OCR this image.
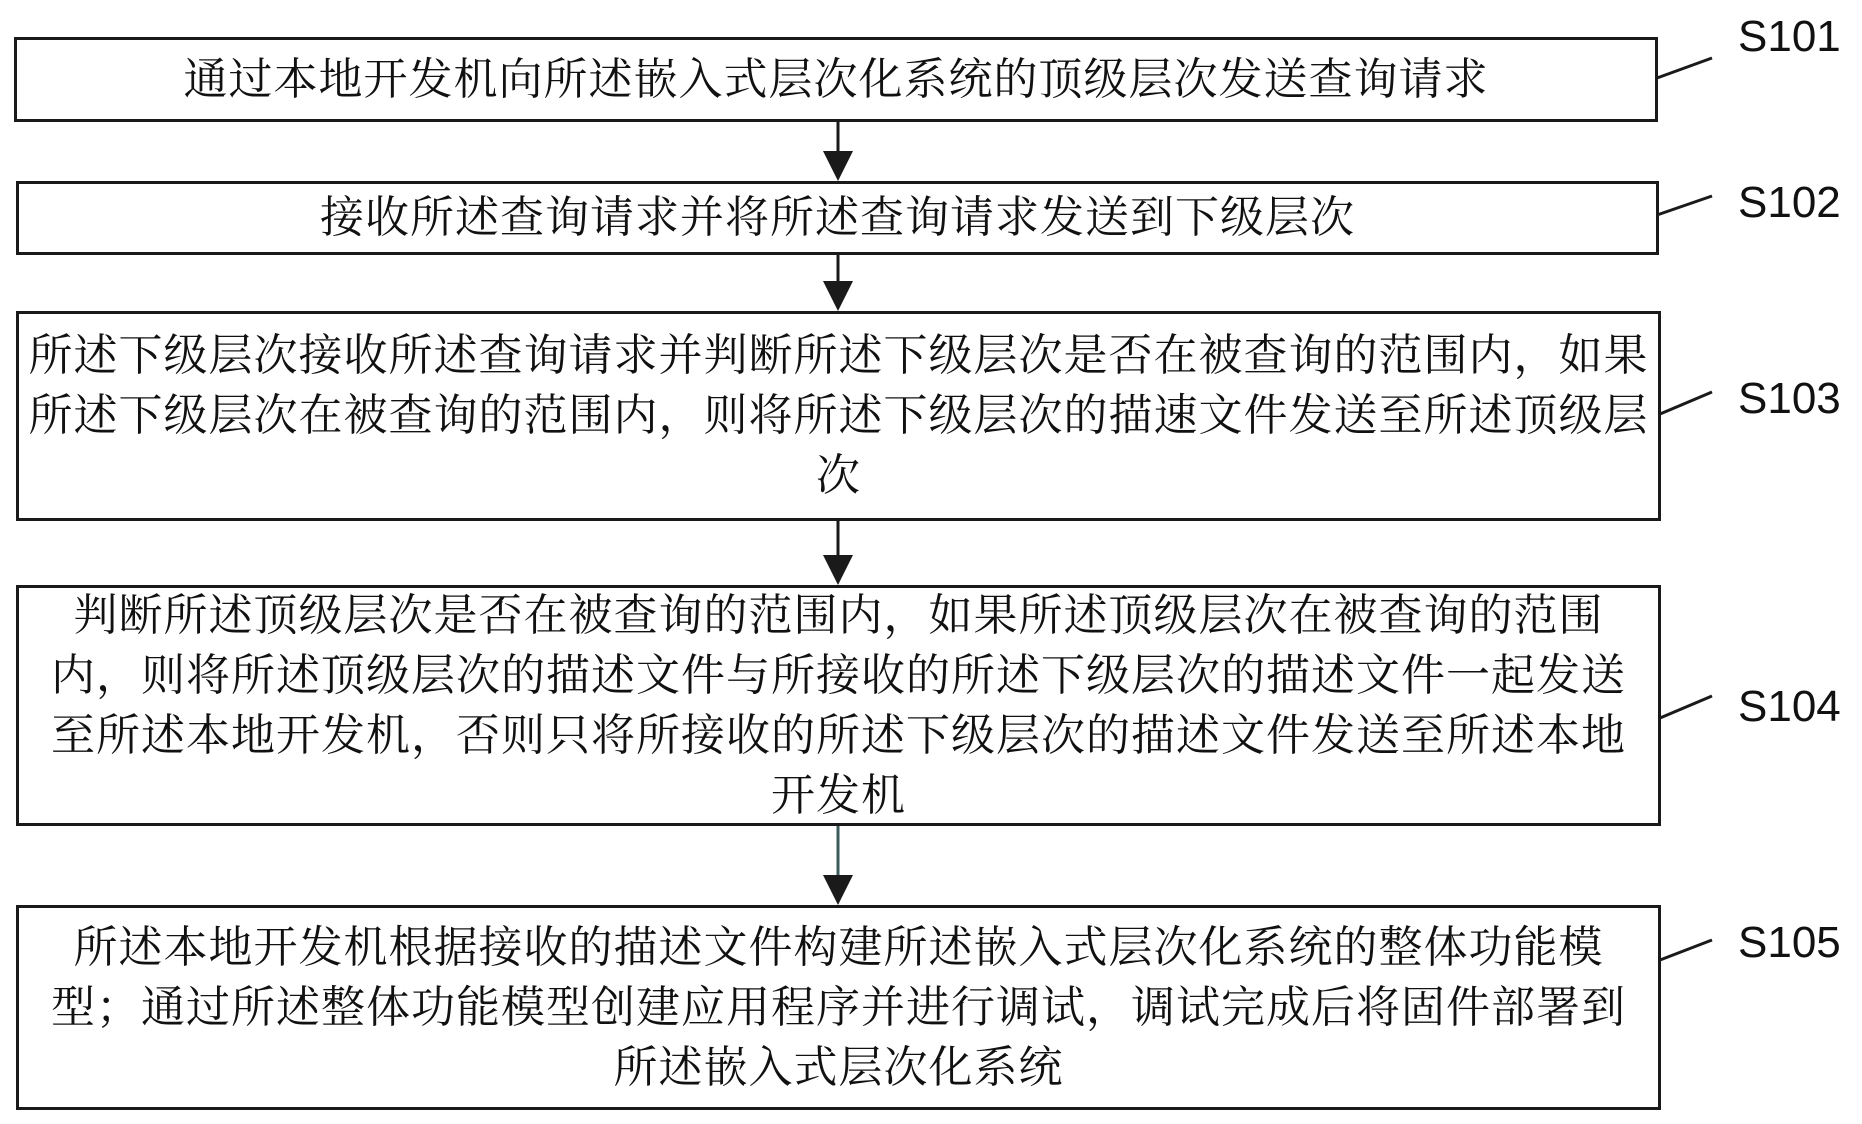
通过本地开发机向所述嵌入式层次化系统的顶级层次发送查询请求
接收所述查询请求并将所述查询请求发送到下级层次
所述下级层次接收所述查询请求并判断所述下级层次是否在被查询的范围内，如果所述下级层次在被查询的范围内，则将所述下级层次的描速文件发送至所述顶级层次
判断所述顶级层次是否在被查询的范围内，如果所述顶级层次在被查询的范围内，则将所述顶级层次的描述文件与所接收的所述下级层次的描述文件一起发送至所述本地开发机，否则只将所接收的所述下级层次的描述文件发送至所述本地开发机
所述本地开发机根据接收的描述文件构建所述嵌入式层次化系统的整体功能模型；通过所述整体功能模型创建应用程序并进行调试，调试完成后将固件部署到所述嵌入式层次化系统
S101
S102
S103
S104
S105
